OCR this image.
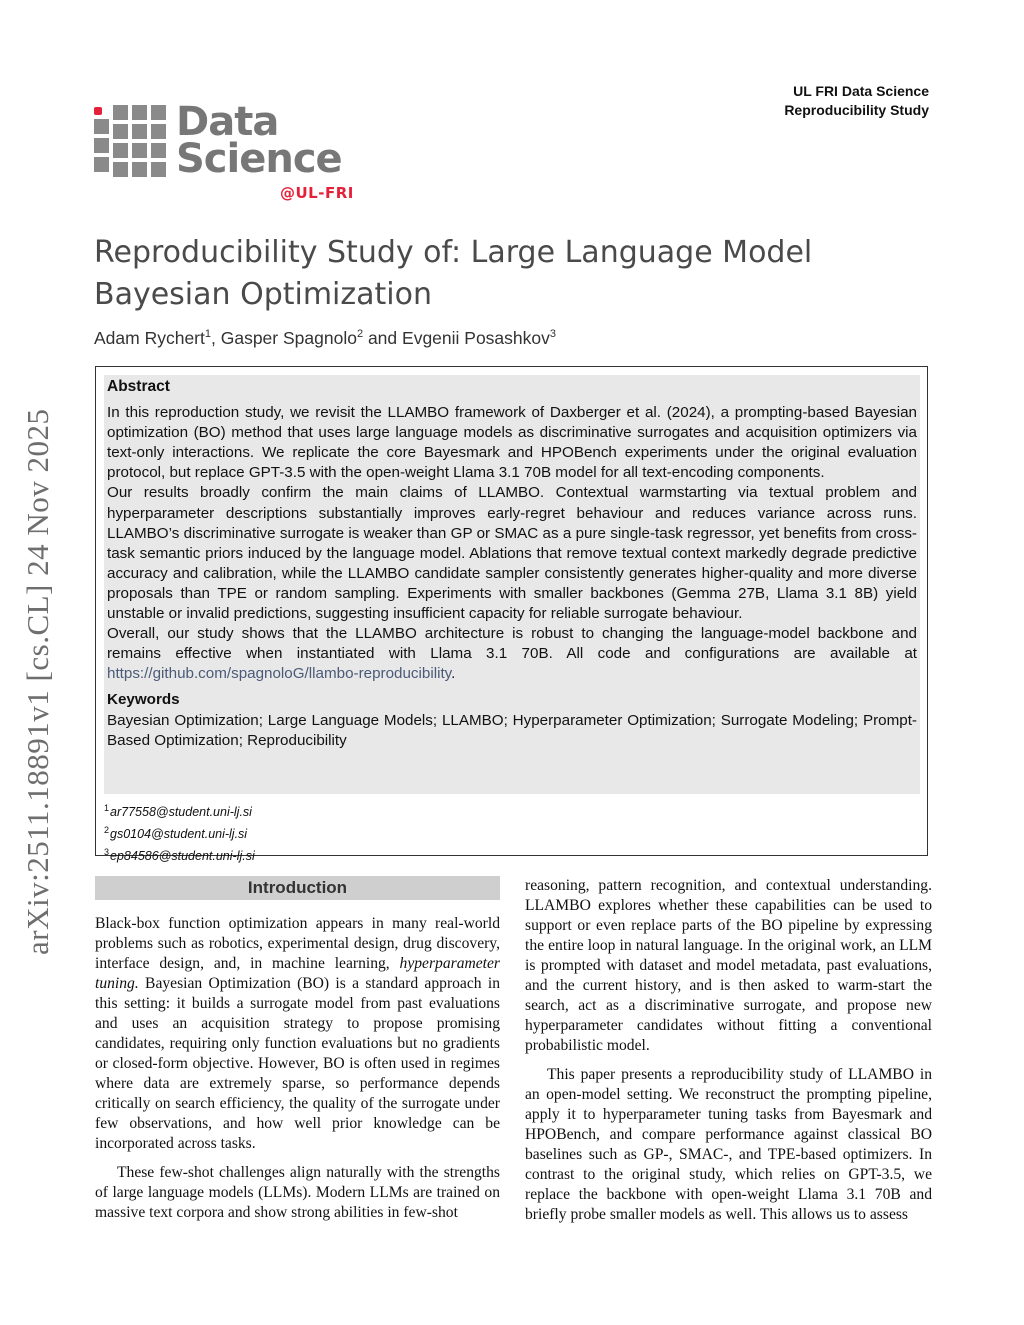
arXiv:2511.18891v1 [cs.CL] 24 Nov 2025
UL FRI Data Science
Reproducibility Study
Data
Science
@UL-FRI
Reproducibility Study of: Large Language Model Bayesian Optimization
Adam Rychert$^1$, Gasper Spagnolo$^2$ and Evgenii Posashkov$^3$

Abstract

In this reproduction study, we revisit the LLAMBO framework of Daxberger et al. (2024), a prompting-based Bayesian optimization (BO) method that uses large language models as discriminative surrogates and acquisition optimizers via text-only interactions. We replicate the core Bayesmark and HPOBench experiments under the original evaluation protocol, but replace GPT-3.5 with the open-weight Llama 3.1 70B model for all text-encoding components.

Our results broadly confirm the main claims of LLAMBO. Contextual warmstarting via textual problem and hyperparameter descriptions substantially improves early-regret behaviour and reduces variance across runs. LLAMBO’s discriminative surrogate is weaker than GP or SMAC as a pure single-task regressor, yet benefits from cross-task semantic priors induced by the language model. Ablations that remove textual context markedly degrade predictive accuracy and calibration, while the LLAMBO candidate sampler consistently generates higher-quality and more diverse proposals than TPE or random sampling. Experiments with smaller backbones (Gemma 27B, Llama 3.1 8B) yield unstable or invalid predictions, suggesting insufficient capacity for reliable surrogate behaviour.

Overall, our study shows that the LLAMBO architecture is robust to changing the language-model backbone and remains effective when instantiated with Llama 3.1 70B. All code and configurations are available at https://github.com/spagnoloG/llambo-reproducibility.

Keywords

Bayesian Optimization; Large Language Models; LLAMBO; Hyperparameter Optimization; Surrogate Modeling; Prompt-Based Optimization; Reproducibility

$^1$ar77558@student.uni-lj.si
$^2$gs0104@student.uni-lj.si
$^3$ep84586@student.uni-lj.si
Introduction

Black-box function optimization appears in many real-world problems such as robotics, experimental design, drug discovery, interface design, and, in machine learning, hyperparameter tuning. Bayesian Optimization (BO) is a standard approach in this setting: it builds a surrogate model from past evaluations and uses an acquisition strategy to propose promising candidates, requiring only function evaluations but no gradients or closed-form objective. However, BO is often used in regimes where data are extremely sparse, so performance depends critically on search efficiency, the quality of the surrogate under few observations, and how well prior knowledge can be incorporated across tasks.

These few-shot challenges align naturally with the strengths of large language models (LLMs). Modern LLMs are trained on massive text corpora and show strong abilities in few-shot

reasoning, pattern recognition, and contextual understanding. LLAMBO explores whether these capabilities can be used to support or even replace parts of the BO pipeline by expressing the entire loop in natural language. In the original work, an LLM is prompted with dataset and model metadata, past evaluations, and the current history, and is then asked to warm-start the search, act as a discriminative surrogate, and propose new hyperparameter candidates without fitting a conventional probabilistic model.

This paper presents a reproducibility study of LLAMBO in an open-model setting. We reconstruct the prompting pipeline, apply it to hyperparameter tuning tasks from Bayesmark and HPOBench, and compare performance against classical BO baselines such as GP-, SMAC-, and TPE-based optimizers. In contrast to the original study, which relies on GPT-3.5, we replace the backbone with open-weight Llama 3.1 70B and briefly probe smaller models as well. This allows us to assess
